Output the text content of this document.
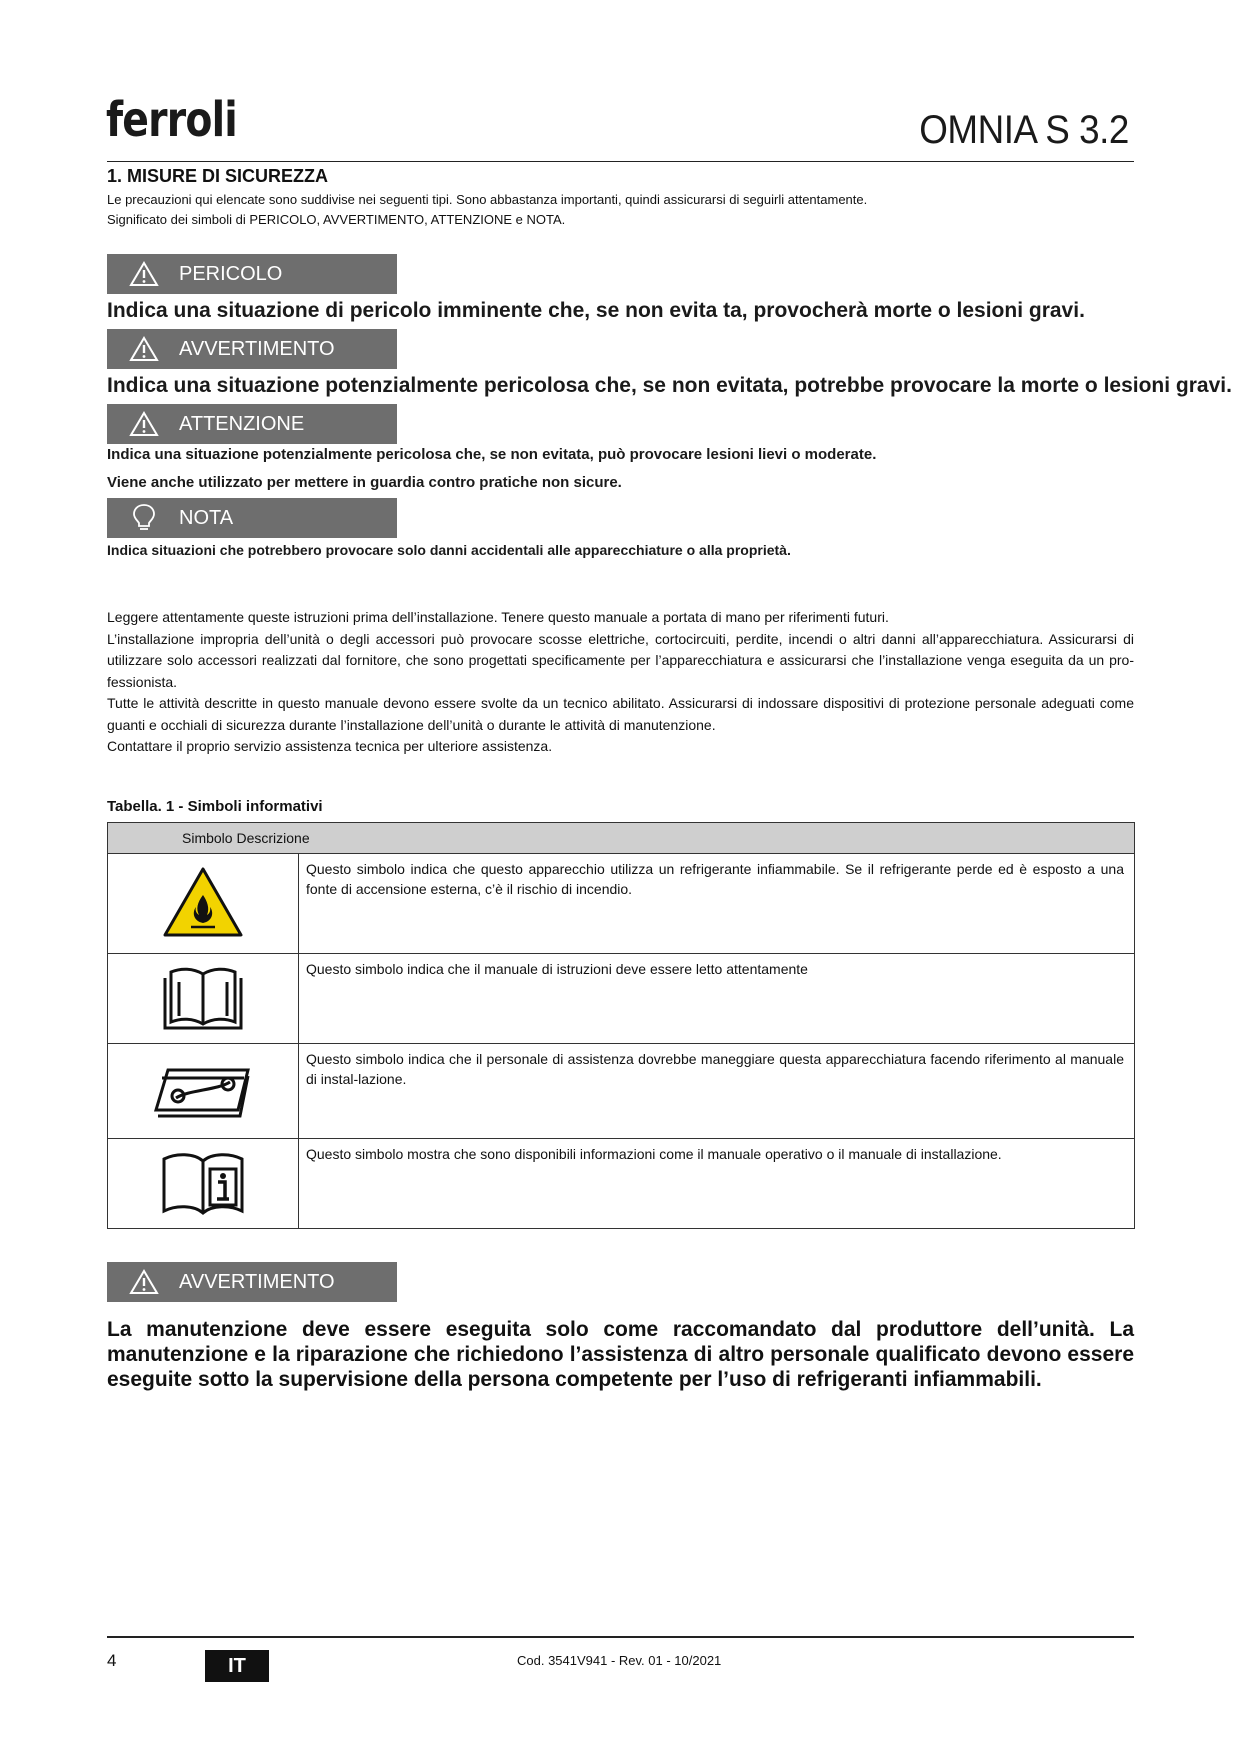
ferroli	OMNIA S 3.2
1. MISURE DI SICUREZZA
Le precauzioni qui elencate sono suddivise nei seguenti tipi. Sono abbastanza importanti, quindi assicurarsi di seguirli attentamente.
Significato dei simboli di PERICOLO, AVVERTIMENTO, ATTENZIONE e NOTA.
PERICOLO
Indica una situazione di pericolo imminente che, se non evita ta, provocherà morte o lesioni gravi.
AVVERTIMENTO
Indica una situazione potenzialmente pericolosa che, se non evitata, potrebbe provocare la morte o lesioni gravi.
ATTENZIONE
Indica una situazione potenzialmente pericolosa che, se non evitata, può provocare lesioni lievi o moderate.
Viene anche utilizzato per mettere in guardia contro pratiche non sicure.
NOTA
Indica situazioni che potrebbero provocare solo danni accidentali alle apparecchiature o alla proprietà.

Leggere attentamente queste istruzioni prima dell’installazione. Tenere questo manuale a portata di mano per riferimenti futuri.

L’installazione impropria dell’unità o degli accessori può provocare scosse elettriche, cortocircuiti, perdite, incendi o altri danni all’apparecchiatura. Assicurarsi di utilizzare solo accessori realizzati dal fornitore, che sono progettati specificamente per l’apparecchiatura e assicurarsi che l’installazione venga eseguita da un pro-fessionista.

Tutte le attività descritte in questo manuale devono essere svolte da un tecnico abilitato. Assicurarsi di indossare dispositivi di protezione personale adeguati come guanti e occhiali di sicurezza durante l’installazione dell’unità o durante le attività di manutenzione.

Contattare il proprio servizio assistenza tecnica per ulteriore assistenza.

Tabella. 1 - Simboli informativi
Simbolo Descrizione	
	Questo simbolo indica che questo apparecchio utilizza un refrigerante infiammabile. Se il refrigerante perde ed è esposto a una fonte di accensione esterna, c’è il rischio di incendio.
	Questo simbolo indica che il manuale di istruzioni deve essere letto attentamente
	Questo simbolo indica che il personale di assistenza dovrebbe maneggiare questa apparecchiatura facendo riferimento al manuale di instal-lazione.
	Questo simbolo mostra che sono disponibili informazioni come il manuale operativo o il manuale di installazione.
AVVERTIMENTO
La manutenzione deve essere eseguita solo come raccomandato dal produttore dell’unità. La manutenzione e la riparazione che richiedono l’assistenza di altro personale qualificato devono essere eseguite sotto la supervisione della persona competente per l’uso di refrigeranti infiammabili.
4	IT	Cod. 3541V941 - Rev. 01 - 10/2021
